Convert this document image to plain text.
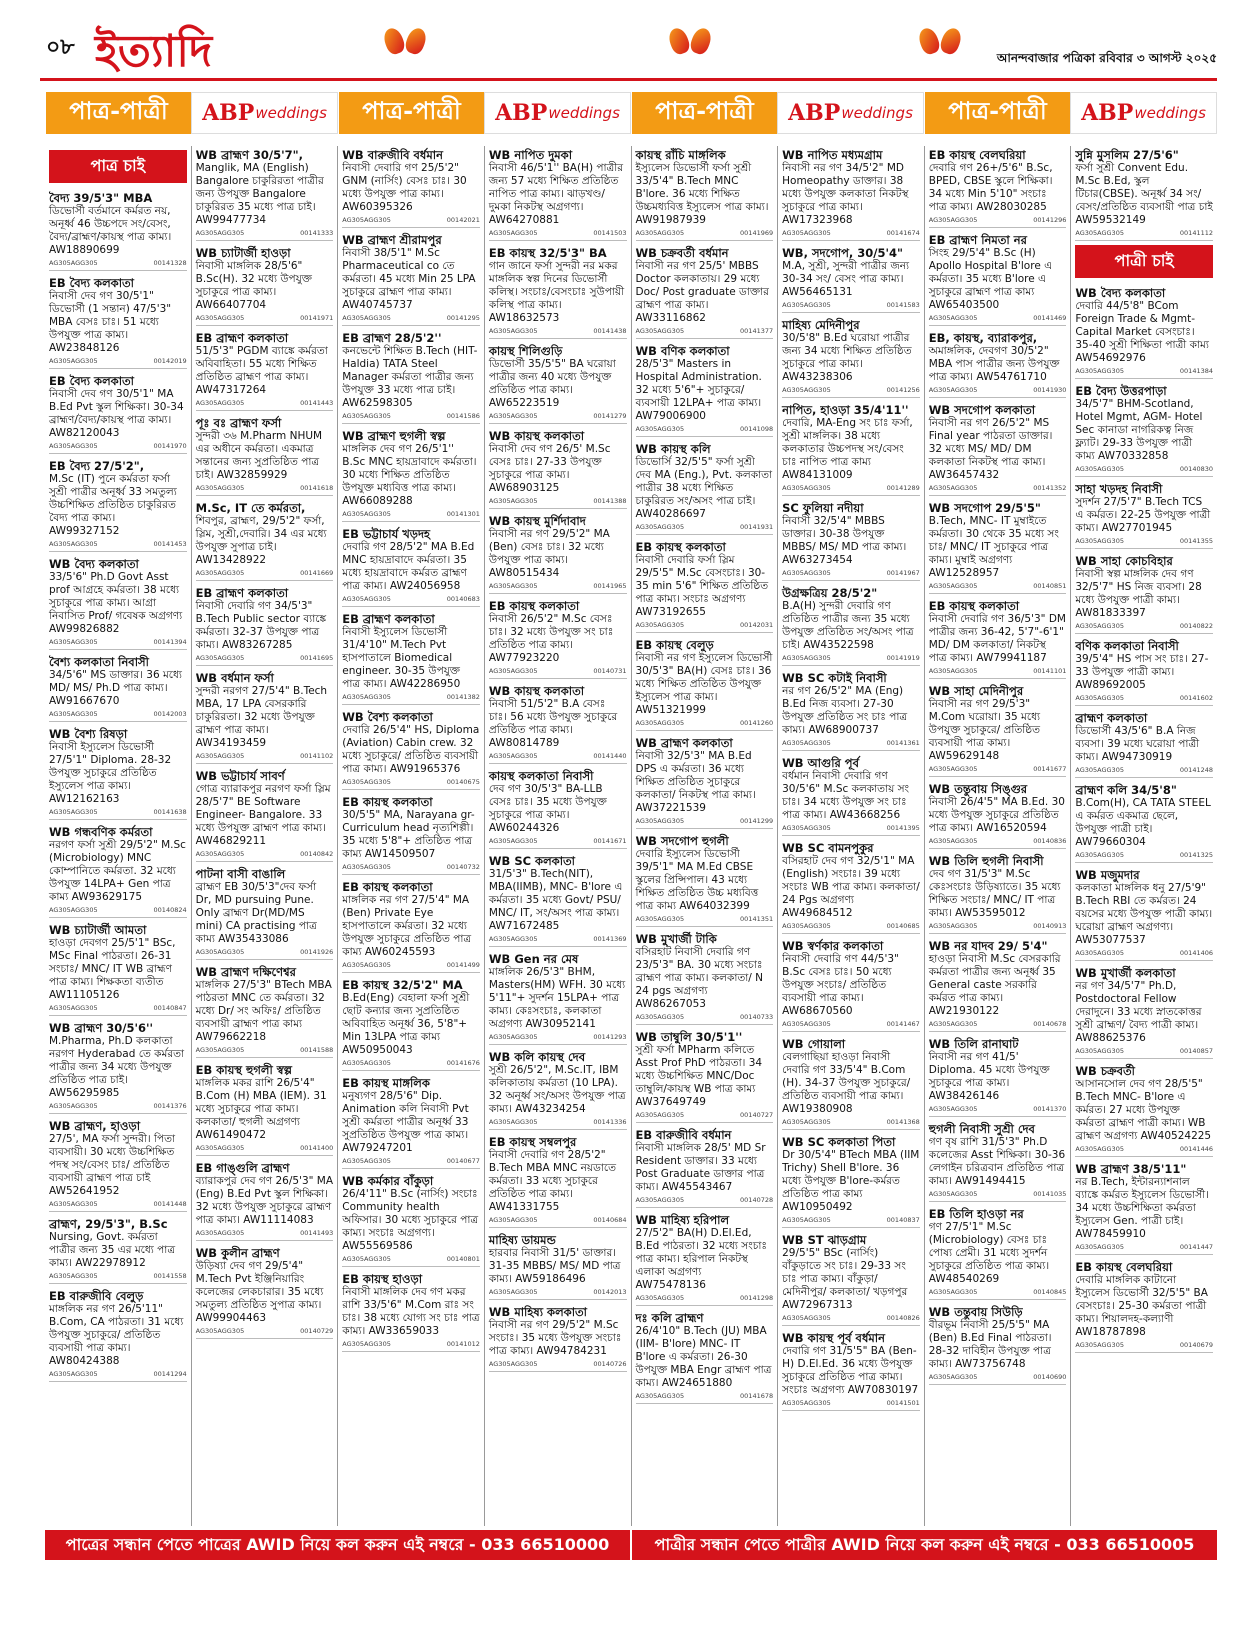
০৮ ইত্যাদি	আনন্দবাজার পত্রিকা রবিবার ৩ আগস্ট ২০২৫
পাত্র-পাত্রী	ABP weddings	পাত্র-পাত্রী	ABP weddings	পাত্র-পাত্রী	ABP weddings	পাত্র-পাত্রী	ABP weddings
পাত্র চাই
বৈদ্য 39/5'3" MBA
ডিভোর্সী বর্তমানে কর্মরত নয়, অনূর্ধ্ব 46 উচ্চপদে সং/বেসং, বৈদ্য/ব্রাহ্মণ/কায়স্থ পাত্র কাম্য। AW18890699
AG305AGG305	00141328
EB বৈদ্য কলকাতা
নিবাসী দেব গণ 30/5'1" ডিভোর্সী (1 সন্তান) 47/5'3" MBA বেসঃ চাঃ। 51 মধ্যে উপযুক্ত পাত্র কাম্য। AW23848126
AG305AGG305	00142019
EB বৈদ্য কলকাতা
নিবাসী দেব গণ 30/5'1" MA B.Ed Pvt স্কুল শিক্ষিকা। 30-34 ব্রাহ্মণ/বৈদ্য/কায়স্থ পাত্র কাম্য। AW82120043
AG305AGG305	00141970
EB বৈদ্য 27/5'2",
M.Sc (IT) পুনে কর্মরতা ফর্সা সুশ্রী পাত্রীর অনূর্ধ্ব 33 সমতুল্য উচ্চশিক্ষিত প্রতিষ্ঠিত চাকুরিরত বৈদ্য পাত্র কাম্য। AW99327152
AG305AGG305	00141453
WB বৈদ্য কলকাতা
33/5'6" Ph.D Govt Asst prof আগ্রহে কর্মরতা। 38 মধ্যে সুচাকুরে পাত্র কাম্য। আগ্রা নিবাসিত Prof/ গবেষক অগ্রগণ্য AW99826882
AG305AGG305	00141394
বৈশ্য কলকাতা নিবাসী
34/5'6" MS ডাক্তার। 36 মধ্যে MD/ MS/ Ph.D পাত্র কাম্য। AW91667670
AG305AGG305	00142003
WB বৈশ্য রিষড়া
নিবাসী ইস্যুলেস ডিভোর্সী 27/5'1" Diploma. 28-32 উপযুক্ত সুচাকুরে প্রতিষ্ঠিত ইস্যুলেস পাত্র কাম্য। AW12162163
AG305AGG305	00141638
WB গন্ধবণিক কর্মরতা
নরগণ ফর্সা সুশ্রী 29/5'2" M.Sc (Microbiology) MNC কোম্পানিতে কর্মরতা. 32 মধ্যে উপযুক্ত 14LPA+ Gen পাত্র কাম্য AW93629175
AG305AGG305	00140824
WB চ্যাটার্জী আমতা
হাওড়া দেবগণ 25/5'1" BSc, MSc Final পাঠরতা। 26-31 সংচাঃ/ MNC/ IT WB ব্রাহ্মণ পাত্র কাম্য। শিক্ষকতা ব্যতীত AW11105126
AG305AGG305	00140847
WB ব্রাহ্মণ 30/5'6''
M.Pharma, Ph.D কলকাতা নরগণ Hyderabad তে কর্মরতা পাত্রীর জন্য 34 মধ্যে উপযুক্ত প্রতিষ্ঠিত পাত্র চাই। AW56295985
AG305AGG305	00141376
WB ব্রাহ্মণ, হাওড়া
27/5', MA ফর্সা সুন্দরী। পিতা ব্যবসায়ী। 30 মধ্যে উচ্চশিক্ষিত পদস্থ সং/বেসং চাঃ/ প্রতিষ্ঠিত ব্যবসায়ী ব্রাহ্মণ পাত্র চাই AW52641952
AG305AGG305	00141448
ব্রাহ্মণ, 29/5'3", B.Sc
Nursing, Govt. কর্মরতা পাত্রীর জন্য 35 এর মধ্যে পাত্র কাম্য। AW22978912
AG305AGG305	00141558
EB বারুজীবি বেলুড়
মাঙ্গলিক নর গণ 26/5'11" B.Com, CA পাঠরতা। 31 মধ্যে উপযুক্ত সুচাকুরে/ প্রতিষ্ঠিত ব্যবসায়ী পাত্র কাম্য। AW80424388
AG305AGG305	00141294
WB ব্রাহ্মণ 30/5'7",
Manglik, MA (English) Bangalore চাকুরিরতা পাত্রীর জন্য উপযুক্ত Bangalore চাকুরিরত 35 মধ্যে পাত্র চাই। AW99477734
AG305AGG305	00141333
WB চ্যাটার্জী হাওড়া
নিবাসী মাঙ্গলিক 28/5'6" B.Sc(H). 32 মধ্যে উপযুক্ত সুচাকুরে পাত্র কাম্য। AW66407704
AG305AGG305	00141971
EB ব্রাহ্মণ কলকাতা
51/5'3" PGDM ব্যাঙ্কে কর্মরতা অবিবাহিতা। 55 মধ্যে শিক্ষিত প্রতিষ্ঠিত ব্রাহ্মণ পাত্র কাম্য। AW47317264
AG305AGG305	00141443
পূঃ বঃ ব্রাহ্মণ ফর্সা
সুন্দরী ৩৬ M.Pharm NHUM এর অধীনে কর্মরতা। একমাত্র সন্তানের জন্য সুপ্রতিষ্ঠিত পাত্র চাই। AW32859929
AG305AGG305	00141618
M.Sc, IT তে কর্মরতা,
শিবপুর, ব্রাহ্মণ, 29/5'2" ফর্সা, স্লিম, সুশ্রী,দেবারি। 34 এর মধ্যে উপযুক্ত সুপাত্র চাই। AW13428922
AG305AGG305	00141669
EB ব্রাহ্মণ কলকাতা
নিবাসী দেবারি গণ 34/5'3" B.Tech Public sector ব্যাঙ্কে কর্মরতা। 32-37 উপযুক্ত পাত্র কাম্য। AW83267285
AG305AGG305	00141695
WB বর্ধমান ফর্সা
সুন্দরী নরগণ 27/5'4" B.Tech MBA, 17 LPA বেসরকারি চাকুরিরতা। 32 মধ্যে উপযুক্ত ব্রাহ্মণ পাত্র কাম্য। AW34193459
AG305AGG305	00141102
WB ভট্টাচার্য সাবর্ণ
গোত্র ব্যারাকপুর নরগণ ফর্সা স্লিম 28/5'7" BE Software Engineer- Bangalore. 33 মধ্যে উপযুক্ত ব্রাহ্মণ পাত্র কাম্য। AW46829211
AG305AGG305	00140842
পাটনা বাসী বাঙালি
ব্রাহ্মণ EB 30/5'3"দেব ফর্সা Dr, MD pursuing Pune. Only ব্রাহ্মণ Dr(MD/MS mini) CA practising পাত্র কাম্য AW35433086
AG305AGG305	00141926
WB ব্রাহ্মণ দক্ষিণেশ্বর
মাঙ্গলিক 27/5'3" BTech MBA পাঠরতা MNC তে কর্মরতা। 32 মধ্যে Dr/ সং অফিঃ/ প্রতিষ্ঠিত ব্যবসায়ী ব্রাহ্মণ পাত্র কাম্য AW79662218
AG305AGG305	00141588
EB কায়স্থ হুগলী স্বল্প
মাঙ্গলিক মকর রাশি 26/5'4" B.Com (H) MBA (IEM). 31 মধ্যে সুচাকুরে পাত্র কাম্য। কলকাতা/ হুগলী অগ্রগণ্য AW61490472
AG305AGG305	00141400
EB গাঙ্গুলি ব্রাহ্মণ
ব্যারাকপুর দেব গণ 26/5'3" MA (Eng) B.Ed Pvt স্কুল শিক্ষিকা। 32 মধ্যে উপযুক্ত সুচাকুরে ব্রাহ্মণ পাত্র কাম্য। AW11114083
AG305AGG305	00141493
WB কুলীন ব্রাহ্মণ
উড়িষ্যা দেব গণ 29/5'4" M.Tech Pvt ইঞ্জিনিয়ারিং কলেজের লেকচারার। 35 মধ্যে সমতুল্য প্রতিষ্ঠিত সুপাত্র কাম্য। AW99904463
AG305AGG305	00140729
WB বারুজীবি বর্ধমান
নিবাসী দেবারি গণ 25/5'2" GNM (নার্সিং) বেসঃ চাঃ। 30 মধ্যে উপযুক্ত পাত্র কাম্য। AW60395326
AG305AGG305	00142021
WB ব্রাহ্মণ শ্রীরামপুর
নিবাসী 38/5'1" M.Sc Pharmaceutical co তে কর্মরতা। 45 মধ্যে Min 25 LPA সুচাকুরে ব্রাহ্মণ পাত্র কাম্য। AW40745737
AG305AGG305	00141295
EB ব্রাহ্মণ 28/5'2''
কনভেন্টে শিক্ষিত B.Tech (HIT- Haldia) TATA Steel Manager কর্মরতা পাত্রীর জন্য উপযুক্ত 33 মধ্যে পাত্র চাই। AW62598305
AG305AGG305	00141586
WB ব্রাহ্মণ হুগলী স্বল্প
মাঙ্গলিক দেব গণ 26/5'1'' B.Sc MNC হায়দ্রাবাদে কর্মরতা। 30 মধ্যে শিক্ষিত প্রতিষ্ঠিত উপযুক্ত মধ্যবিত্ত পাত্র কাম্য। AW66089288
AG305AGG305	00141301
EB ভট্টাচার্য খড়দহ
দেবারি গণ 28/5'2" MA B.Ed MNC হায়দ্রাবাদে কর্মরতা। 35 মধ্যে হায়দ্রাবাদে কর্মরত ব্রাহ্মণ পাত্র কাম্য। AW24056958
AG305AGG305	00140683
EB ব্রাহ্মণ কলকাতা
নিবাসী ইস্যুলেস ডিভোর্সী 31/4'10" M.Tech Pvt হাসপাতালে Biomedical engineer. 30-35 উপযুক্ত পাত্র কাম্য। AW42286950
AG305AGG305	00141382
WB বৈশ্য কলকাতা
দেবারি 26/5'4" HS, Diploma (Aviation) Cabin crew. 32 মধ্যে সুচাকুরে/ প্রতিষ্ঠিত ব্যবসায়ী পাত্র কাম্য। AW91965376
AG305AGG305	00140675
EB কায়স্থ কলকাতা
30/5'5" MA, Narayana gr- Curriculum head নৃত্যশিল্পী। 35 মধ্যে 5'8"+ প্রতিষ্ঠিত পাত্র কাম্য AW14509507
AG305AGG305	00140732
EB কায়স্থ কলকাতা
মাঙ্গলিক নর গণ 27/5'4" MA (Ben) Private Eye হাসপাতালে কর্মরতা। 32 মধ্যে উপযুক্ত সুচাকুরে প্রতিষ্ঠিত পাত্র কাম্য AW60245593
AG305AGG305	00141499
EB কায়স্থ 32/5'2" MA
B.Ed(Eng) বেহালা ফর্সা সুশ্রী ছোট কন্যার জন্য সুপ্রতিষ্ঠিত অবিবাহিত অনূর্ধ্ব 36, 5'8"+ Min 13LPA পাত্র কাম্য AW50950043
AG305AGG305	00141676
EB কায়স্থ মাঙ্গলিক
মনুষ্যগণ 28/5'6" Dip. Animation কলি নিবাসী Pvt সুশ্রী কর্মরতা পাত্রীর অনূর্ধ্ব 33 সুপ্রতিষ্ঠিত উপযুক্ত পাত্র কাম্য। AW79247201
AG305AGG305	00140677
WB কর্মকার বাঁকুড়া
26/4'11" B.Sc (নার্সিং) সংচাঃ Community health অফিসার। 30 মধ্যে সুচাকুরে পাত্র কাম্য। সংচাঃ অগ্রগণ্য। AW55569586
AG305AGG305	00140801
EB কায়স্থ হাওড়া
নিবাসী মাঙ্গলিক দেব গণ মকর রাশি 33/5'6" M.Com রাঃ সং চাঃ। 38 মধ্যে যোগ্য সং চাঃ পাত্র কাম্য। AW33659033
AG305AGG305	00141012
WB নাপিত দুমকা
নিবাসী 46/5'1'' BA(H) পাত্রীর জন্য 57 মধ্যে শিক্ষিত প্রতিষ্ঠিত নাপিত পাত্র কাম্য। ঝাড়খণ্ড/ দুমকা নিকটস্থ অগ্রগণ্য। AW64270881
AG305AGG305	00141503
EB কায়স্থ 32/5'3" BA
গান জানে ফর্সা সুন্দরী নর মকর মাঙ্গলিক স্বল্প দিনের ডিভোর্সী কলিস্থ। সংচাঃ/বেসংচাঃ সুউপায়ী কলিস্থ পাত্র কাম্য। AW18632573
AG305AGG305	00141438
কায়স্থ শিলিগুড়ি
ডিভোর্সী 35/5'5" BA ঘরোয়া পাত্রীর জন্য 40 মধ্যে উপযুক্ত প্রতিষ্ঠিত পাত্র কাম্য। AW65223519
AG305AGG305	00141279
WB কায়স্থ কলকাতা
নিবাসী দেব গণ 26/5' M.Sc বেসঃ চাঃ। 27-33 উপযুক্ত সুচাকুরে পাত্র কাম্য। AW68903125
AG305AGG305	00141388
WB কায়স্থ মুর্শিদাবাদ
নিবাসী নর গণ 29/5'2" MA (Ben) বেসঃ চাঃ। 32 মধ্যে উপযুক্ত পাত্র কাম্য। AW80515434
AG305AGG305	00141965
EB কায়স্থ কলকাতা
নিবাসী 26/5'2" M.Sc বেসঃ চাঃ। 32 মধ্যে উপযুক্ত সং চাঃ প্রতিষ্ঠিত পাত্র কাম্য। AW77923220
AG305AGG305	00140731
WB কায়স্থ কলকাতা
নিবাসী 51/5'2" B.A বেসঃ চাঃ। 56 মধ্যে উপযুক্ত সুচাকুরে প্রতিষ্ঠিত পাত্র কাম্য। AW80814789
AG305AGG305	00141440
কায়স্থ কলকাতা নিবাসী
দেব গণ 30/5'3" BA-LLB বেসঃ চাঃ। 35 মধ্যে উপযুক্ত সুচাকুরে পাত্র কাম্য। AW60244326
AG305AGG305	00141671
WB SC কলকাতা
31/5'3" B.Tech(NIT), MBA(IIMB), MNC- B'lore এ কর্মরতা। 35 মধ্যে Govt/ PSU/ MNC/ IT, সং/অসং পাত্র কাম্য। AW71672485
AG305AGG305	00141369
WB Gen নর মেষ
মাঙ্গলিক 26/5'3" BHM, Masters(HM) WFH. 30 মধ্যে 5'11"+ সুদর্শন 15LPA+ পাত্র কাম্য। কেঃসংচাঃ, কলকাতা অগ্রগণ্য AW30952141
AG305AGG305	00141293
WB কলি কায়স্থ দেব
সুশ্রী 26/5'2", M.Sc.IT, IBM কলিকাতায় কর্মরতা (10 LPA). 32 অনূর্ধ্ব সং/অসং উপযুক্ত পাত্র কাম্য। AW43234254
AG305AGG305	00141336
EB কায়স্থ সম্বলপুর
নিবাসী দেবারি গণ 28/5'2" B.Tech MBA MNC নয়ডাতে কর্মরতা। 33 মধ্যে সুচাকুরে প্রতিষ্ঠিত পাত্র কাম্য। AW41331755
AG305AGG305	00140684
মাহিষ্য ডায়মন্ড
হারবার নিবাসী 31/5' ডাক্তার। 31-35 MBBS/ MS/ MD পাত্র কাম্য। AW59186496
AG305AGG305	00142013
WB মাহিষ্য কলকাতা
নিবাসী নর গণ 29/5'2" M.Sc সংচাঃ। 35 মধ্যে উপযুক্ত সংচাঃ পাত্র কাম্য। AW94784231
AG305AGG305	00140726
কায়স্থ রাঁচি মাঙ্গলিক
ইস্যুলেস ডিভোর্সী ফর্সা সুশ্রী 33/5'4" B.Tech MNC B'lore. 36 মধ্যে শিক্ষিত উচ্চমধ্যবিত্ত ইস্যুলেস পাত্র কাম্য। AW91987939
AG305AGG305	00141969
WB চক্রবর্তী বর্ধমান
নিবাসী নর গণ 25/5' MBBS Doctor কলকাতায়। 29 মধ্যে Doc/ Post graduate ডাক্তার ব্রাহ্মণ পাত্র কাম্য। AW33116862
AG305AGG305	00141377
WB বণিক কলকাতা
28/5'3" Masters in Hospital Administration. 32 মধ্যে 5'6"+ সুচাকুরে/ ব্যবসায়ী 12LPA+ পাত্র কাম্য। AW79006900
AG305AGG305	00141098
WB কায়স্থ কলি
ডিভোর্সি 32/5'5" ফর্সা সুশ্রী দেব MA (Eng.), Pvt. কলকাতা পাত্রীর 38 মধ্যে শিক্ষিত চাকুরিরত সং/অসং পাত্র চাই। AW40286697
AG305AGG305	00141931
EB কায়স্থ কলকাতা
নিবাসী দেবারি ফর্সা স্লিম 29/5'5" M.Sc বেসংচাঃ। 30-35 min 5'6" শিক্ষিত প্রতিষ্ঠিত পাত্র কাম্য। সংচাঃ অগ্রগণ্য AW73192655
AG305AGG305	00142031
EB কায়স্থ বেলুড়
নিবাসী নর গণ ইস্যুলেস ডিভোর্সী 30/5'3" BA(H) বেসঃ চাঃ। 36 মধ্যে শিক্ষিত প্রতিষ্ঠিত উপযুক্ত ইস্যুলেস পাত্র কাম্য। AW51321999
AG305AGG305	00141260
WB ব্রাহ্মণ কলকাতা
নিবাসী 32/5'3" MA B.Ed DPS এ কর্মরতা। 36 মধ্যে শিক্ষিত প্রতিষ্ঠিত সুচাকুরে কলকাতা/ নিকটস্থ পাত্র কাম্য। AW37221539
AG305AGG305	00141299
WB সদগোপ হুগলী
দেবারি ইস্যুলেস ডিভোর্সী 39/5'1" MA M.Ed CBSE স্কুলের প্রিন্সিপাল। 43 মধ্যে শিক্ষিত প্রতিষ্ঠিত উচ্চ মধ্যবিত্ত পাত্র কাম্য AW64032399
AG305AGG305	00141351
WB মুখার্জী টাকি
বসিরহাট নিবাসী দেবারি গণ 23/5'3" BA. 30 মধ্যে সংচাঃ ব্রাহ্মণ পাত্র কাম্য। কলকাতা/ N 24 pgs অগ্রগণ্য AW86267053
AG305AGG305	00140733
WB তাম্বুলি 30/5'1''
সুশ্রী ফর্সা MPharm কলিতে Asst Prof PhD পাঠরতা। 34 মধ্যে উচ্চশিক্ষিত MNC/Doc তাম্বুলি/কায়স্থ WB পাত্র কাম্য AW37649749
AG305AGG305	00140727
EB বারুজীবি বর্ধমান
নিবাসী মাঙ্গলিক 28/5' MD Sr Resident ডাক্তার। 33 মধ্যে Post Graduate ডাক্তার পাত্র কাম্য। AW45543467
AG305AGG305	00140728
WB মাহিষ্য হরিপাল
27/5'2" BA(H) D.El.Ed, B.Ed পাঠরতা। 32 মধ্যে সংচাঃ পাত্র কাম্য। হরিপাল নিকটস্থ এলাকা অগ্রগণ্য AW75478136
AG305AGG305	00141298
দঃ কলি ব্রাহ্মণ
26/4'10" B.Tech (JU) MBA (IIM- B'lore) MNC- IT B'lore এ কর্মরতা। 26-30 উপযুক্ত MBA Engr ব্রাহ্মণ পাত্র কাম্য। AW24651880
AG305AGG305	00141678
WB নাপিত মধ্যমগ্রাম
নিবাসী নর গণ 34/5'2" MD Homeopathy ডাক্তার। 38 মধ্যে উপযুক্ত কলকাতা নিকটস্থ সুচাকুরে পাত্র কাম্য। AW17323968
AG305AGG305	00141674
WB, সদগোপ, 30/5'4"
M.A, সুশ্রী, সুন্দরী পাত্রীর জন্য 30-34 সং/ বেসং পাত্র কাম্য। AW56465131
AG305AGG305	00141583
মাহিষ্য মেদিনীপুর
30/5'8" B.Ed ঘরোয়া পাত্রীর জন্য 34 মধ্যে শিক্ষিত প্রতিষ্ঠিত সুচাকুরে পাত্র কাম্য। AW43238306
AG305AGG305	00141256
নাপিত, হাওড়া 35/4'11''
দেবারি, MA-Eng সং চাঃ ফর্সা, সুশ্রী মাঙ্গলিক। 38 মধ্যে কলকাতার উচ্চপদস্থ সং/বেসং চাঃ নাপিত পাত্র কাম্য AW84131009
AG305AGG305	00141289
SC ফুলিয়া নদীয়া
নিবাসী 32/5'4" MBBS ডাক্তার। 30-38 উপযুক্ত MBBS/ MS/ MD পাত্র কাম্য। AW63273454
AG305AGG305	00141967
উগ্রক্ষত্রিয় 28/5'2"
B.A(H) সুন্দরী দেবারি গণ প্রতিষ্ঠিত পাত্রীর জন্য 35 মধ্যে উপযুক্ত প্রতিষ্ঠিত সং/অসং পাত্র চাই। AW43522598
AG305AGG305	00141919
WB SC কটাই নিবাসী
নর গণ 26/5'2" MA (Eng) B.Ed নিজ ব্যবসা। 27-30 উপযুক্ত প্রতিষ্ঠিত সং চাঃ পাত্র কাম্য। AW68900737
AG305AGG305	00141361
WB আগুরি পূর্ব
বর্ধমান নিবাসী দেবারি গণ 30/5'6" M.Sc কলকাতায় সং চাঃ। 34 মধ্যে উপযুক্ত সং চাঃ পাত্র কাম্য। AW43668256
AG305AGG305	00141395
WB SC বামনপুকুর
বসিরহাট দেব গণ 32/5'1" MA (English) সংচাঃ। 39 মধ্যে সংচাঃ WB পাত্র কাম্য। কলকাতা/ 24 Pgs অগ্রগণ্য AW49684512
AG305AGG305	00140685
WB স্বর্ণকার কলকাতা
নিবাসী দেবারি গণ 44/5'3" B.Sc বেসঃ চাঃ। 50 মধ্যে উপযুক্ত সংচাঃ/ প্রতিষ্ঠিত ব্যবসায়ী পাত্র কাম্য। AW68670560
AG305AGG305	00141467
WB গোয়ালা
বেলগাছিয়া হাওড়া নিবাসী দেবারি গণ 33/5'4" B.Com (H). 34-37 উপযুক্ত সুচাকুরে/ প্রতিষ্ঠিত ব্যবসায়ী পাত্র কাম্য। AW19380908
AG305AGG305	00141368
WB SC কলকাতা পিতা
Dr 30/5'4" BTech MBA (IIM Trichy) Shell B'lore. 36 মধ্যে উপযুক্ত B'lore-কর্মরত প্রতিষ্ঠিত পাত্র কাম্য AW10950492
AG305AGG305	00140837
WB ST ঝাড়গ্রাম
29/5'5" BSc (নার্সিং) বাঁকুড়াতে সং চাঃ। 29-33 সং চাঃ পাত্র কাম্য। বাঁকুড়া/ মেদিনীপুর/ কলকাতা/ খড়গপুর AW72967313
AG305AGG305	00140826
WB কায়স্থ পূর্ব বর্ধমান
দেবারি গণ 31/5'5" BA (Ben-H) D.El.Ed. 36 মধ্যে উপযুক্ত সুচাকুরে প্রতিষ্ঠিত পাত্র কাম্য। সংচাঃ অগ্রগণ্য AW70830197
AG305AGG305	00141501
EB কায়স্থ বেলঘরিয়া
দেবারি গণ 26+/5'6" B.Sc, BPED, CBSE স্কুলে শিক্ষিকা। 34 মধ্যে Min 5'10" সংচাঃ পাত্র কাম্য। AW28030285
AG305AGG305	00141296
EB ব্রাহ্মণ নিমতা নর
সিংহ 29/5'4" B.Sc (H) Apollo Hospital B'lore এ কর্মরতা। 35 মধ্যে B'lore এ সুচাকুরে ব্রাহ্মণ পাত্র কাম্য AW65403500
AG305AGG305	00141469
EB, কায়স্থ, ব্যারাকপুর,
অমাঙ্গলিক, দেবগণ 30/5'2" MBA পাস পাত্রীর জন্য উপযুক্ত পাত্র কাম্য। AW54761710
AG305AGG305	00141930
WB সদগোপ কলকাতা
নিবাসী নর গণ 26/5'2" MS Final year পাঠরতা ডাক্তার। 32 মধ্যে MS/ MD/ DM কলকাতা নিকটস্থ পাত্র কাম্য। AW36457432
AG305AGG305	00141352
WB সদগোপ 29/5'5"
B.Tech, MNC- IT মুম্বাইতে কর্মরতা। 30 থেকে 35 মধ্যে সং চাঃ/ MNC/ IT সুচাকুরে পাত্র কাম্য। মুম্বাই অগ্রগণ্য AW12528957
AG305AGG305	00140851
EB কায়স্থ কলকাতা
নিবাসী দেবারি গণ 36/5'3" DM পাত্রীর জন্য 36-42, 5'7"-6'1" MD/ DM কলকাতা/ নিকটস্থ পাত্র কাম্য। AW79941187
AG305AGG305	00141101
WB সাহা মেদিনীপুর
নিবাসী নর গণ 29/5'3" M.Com ঘরোয়া। 35 মধ্যে উপযুক্ত সুচাকুরে/ প্রতিষ্ঠিত ব্যবসায়ী পাত্র কাম্য। AW59629148
AG305AGG305	00141677
WB তন্তুবায় সিঙ্গুর
নিবাসী 26/4'5" MA B.Ed. 30 মধ্যে উপযুক্ত সুচাকুরে প্রতিষ্ঠিত পাত্র কাম্য। AW16520594
AG305AGG305	00140836
WB তিলি হুগলী নিবাসী
দেব গণ 31/5'3" M.Sc কেঃসংচাঃ উড়িষ্যাতে। 35 মধ্যে শিক্ষিত সংচাঃ/ MNC/ IT পাত্র কাম্য। AW53595012
AG305AGG305	00140913
WB নর যাদব 29/ 5'4"
হাওড়া নিবাসী M.Sc বেসরকারি কর্মরতা পাত্রীর জন্য অনূর্ধ্ব 35 General caste সরকারি কর্মরত পাত্র কাম্য। AW21930122
AG305AGG305	00140678
WB তিলি রানাঘাট
নিবাসী নর গণ 41/5' Diploma. 45 মধ্যে উপযুক্ত সুচাকুরে পাত্র কাম্য। AW38426146
AG305AGG305	00141370
হুগলী নিবাসী সুশ্রী দেব
গণ বৃষ রাশি 31/5'3" Ph.D কলেজের Asst শিক্ষিকা। 30-36 লেগাইন চরিত্রবান প্রতিষ্ঠিত পাত্র কাম্য। AW91494415
AG305AGG305	00141035
EB তিলি হাওড়া নর
গণ 27/5'1" M.Sc (Microbiology) বেসঃ চাঃ পোষ্য প্রেমী। 31 মধ্যে সুদর্শন সুচাকুরে প্রতিষ্ঠিত পাত্র কাম্য। AW48540269
AG305AGG305	00140845
WB তন্তুবায় সিউড়ি
বীরভূম নিবাসী 25/5'5" MA (Ben) B.Ed Final পাঠরতা। 28-32 দাবিহীন উপযুক্ত পাত্র কাম্য। AW73756748
AG305AGG305	00140690
সুন্নি মুসলিম 27/5'6"
ফর্সা সুশ্রী Convent Edu. M.Sc B.Ed, স্কুল টিচার(CBSE). অনূর্ধ্ব 34 সং/বেসং/প্রতিষ্ঠিত ব্যবসায়ী পাত্র চাই AW59532149
AG305AGG305	00141112
পাত্রী চাই
WB বৈদ্য কলকাতা
দেবারি 44/5'8" BCom Foreign Trade & Mgmt- Capital Market বেসংচাঃ। 35-40 সুশ্রী শিক্ষিতা পাত্রী কাম্য AW54692976
AG305AGG305	00141384
EB বৈদ্য উত্তরপাড়া
34/5'7" BHM-Scotland, Hotel Mgmt, AGM- Hotel Sec কানাডা নাগরিকত্ব নিজ ফ্ল্যাট। 29-33 উপযুক্ত পাত্রী কাম্য AW70332858
AG305AGG305	00140830
সাহা খড়দহ নিবাসী
সুদর্শন 27/5'7" B.Tech TCS এ কর্মরত। 22-25 উপযুক্ত পাত্রী কাম্য। AW27701945
AG305AGG305	00141355
WB সাহা কোচবিহার
নিবাসী স্বল্প মাঙ্গলিক দেব গণ 32/5'7" HS নিজ ব্যবসা। 28 মধ্যে উপযুক্ত পাত্রী কাম্য। AW81833397
AG305AGG305	00140822
বণিক কলকাতা নিবাসী
39/5'4" HS পাস সং চাঃ। 27-33 উপযুক্ত পাত্রী কাম্য। AW89692005
AG305AGG305	00141602
ব্রাহ্মণ কলকাতা
ডিভোর্সী 43/5'6" B.A নিজ ব্যবসা। 39 মধ্যে ঘরোয়া পাত্রী কাম্য। AW94730919
AG305AGG305	00141248
ব্রাহ্মণ কলি 34/5'8"
B.Com(H), CA TATA STEEL এ কর্মরত একমাত্র ছেলে, উপযুক্ত পাত্রী চাই। AW79660304
AG305AGG305	00141325
WB মজুমদার
কলকাতা মাঙ্গলিক ধনু 27/5'9" B.Tech RBI তে কর্মরত। 24 বয়সের মধ্যে উপযুক্ত পাত্রী কাম্য। ঘরোয়া ব্রাহ্মণ অগ্রগণ্য। AW53077537
AG305AGG305	00141406
WB মুখার্জী কলকাতা
নর গণ 34/5'7" Ph.D, Postdoctoral Fellow দেরাদুনে। 33 মধ্যে স্নাতকোত্তর সুশ্রী ব্রাহ্মণ/ বৈদ্য পাত্রী কাম্য। AW88625376
AG305AGG305	00140857
WB চক্রবর্তী
আসানসোল দেব গণ 28/5'5" B.Tech MNC- B'lore এ কর্মরত। 27 মধ্যে উপযুক্ত কর্মরতা ব্রাহ্মণ পাত্রী কাম্য। WB ব্রাহ্মণ অগ্রগণ্য AW40524225
AG305AGG305	00141446
WB ব্রাহ্মণ 38/5'11"
নর B.Tech, ইন্টারন্যাশনাল ব্যাঙ্কে কর্মরত ইস্যুলেস ডিভোর্সী। 34 মধ্যে উচ্চশিক্ষিতা কর্মরতা ইস্যুলেস Gen. পাত্রী চাই। AW78459910
AG305AGG305	00141447
EB কায়স্থ বেলঘরিয়া
দেবারি মাঙ্গলিক কাটানো ইস্যুলেস ডিভোর্সী 32/5'5" BA বেসংচাঃ। 25-30 কর্মরতা পাত্রী কাম্য। শিয়ালদহ-কল্যাণী AW18787898
AG305AGG305	00140679
পাত্রের সন্ধান পেতে পাত্রের AWID নিয়ে কল করুন এই নম্বরে - 033 66510000	পাত্রীর সন্ধান পেতে পাত্রীর AWID নিয়ে কল করুন এই নম্বরে - 033 66510005
